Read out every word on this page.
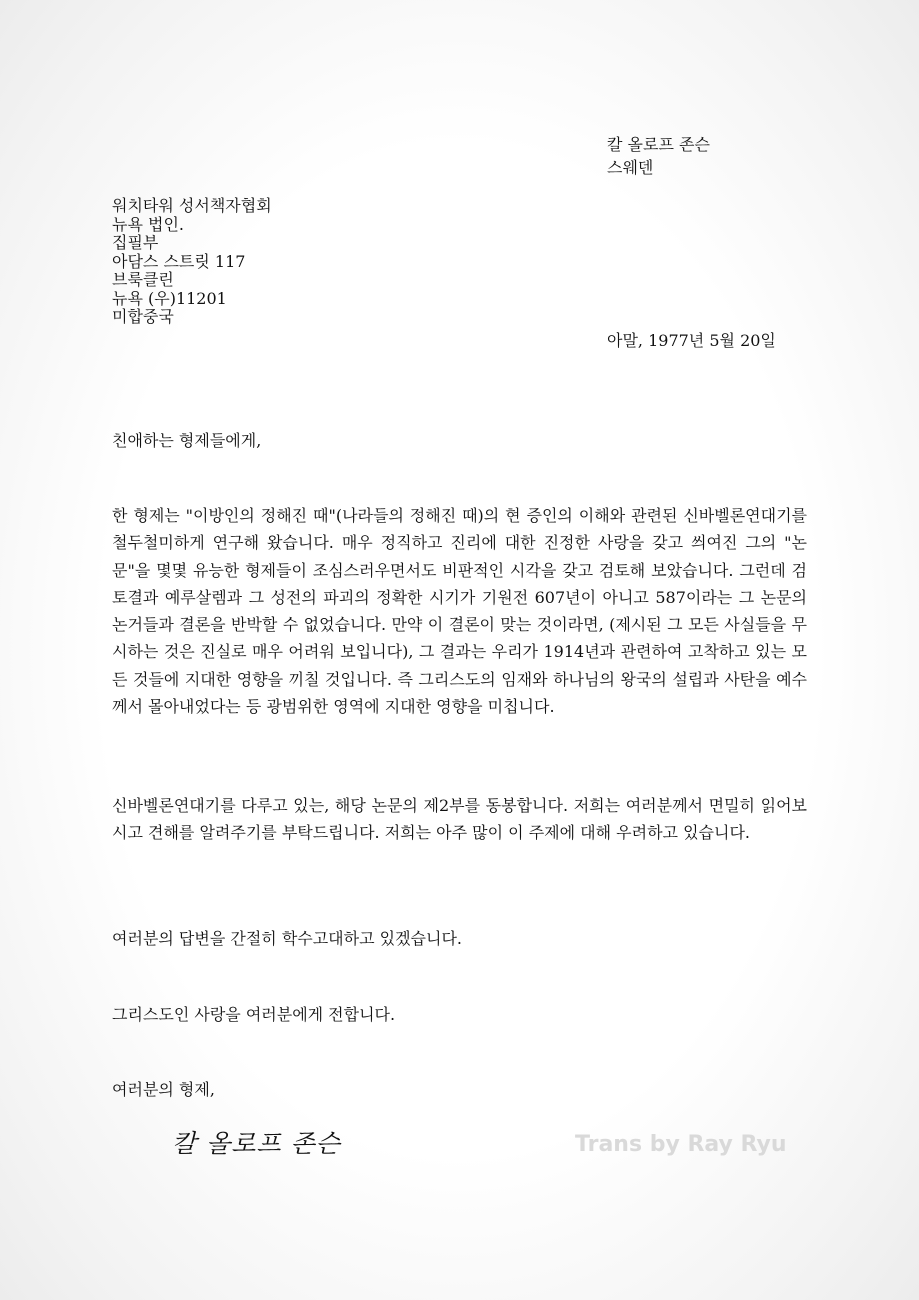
칼 올로프 존슨
스웨덴
워치타워 성서책자협회
뉴욕 법인.
집필부
아담스 스트릿 117
브룩클린
뉴욕 (우)11201
미합중국
아말, 1977년 5월 20일
친애하는 형제들에게,

한 형제는 "이방인의 정해진 때"(나라들의 정해진 때)의 현 증인의 이해와 관련된 신바벨론연대기를 철두철미하게 연구해 왔습니다. 매우 정직하고 진리에 대한 진정한 사랑을 갖고 씌여진 그의 "논문"을 몇몇 유능한 형제들이 조심스러우면서도 비판적인 시각을 갖고 검토해 보았습니다. 그런데 검토결과 예루살렘과 그 성전의 파괴의 정확한 시기가 기원전 607년이 아니고 587이라는 그 논문의 논거들과 결론을 반박할 수 없었습니다. 만약 이 결론이 맞는 것이라면, (제시된 그 모든 사실들을 무시하는 것은 진실로 매우 어려워 보입니다), 그 결과는 우리가 1914년과 관련하여 고착하고 있는 모든 것들에 지대한 영향을 끼칠 것입니다. 즉 그리스도의 임재와 하나님의 왕국의 설립과 사탄을 예수께서 몰아내었다는 등 광범위한 영역에 지대한 영향을 미칩니다.

신바벨론연대기를 다루고 있는, 해당 논문의 제2부를 동봉합니다. 저희는 여러분께서 면밀히 읽어보시고 견해를 알려주기를 부탁드립니다. 저희는 아주 많이 이 주제에 대해 우려하고 있습니다.

여러분의 답변을 간절히 학수고대하고 있겠습니다.

그리스도인 사랑을 여러분에게 전합니다.

여러분의 형제,
칼 올로프 존슨	Trans by Ray Ryu
